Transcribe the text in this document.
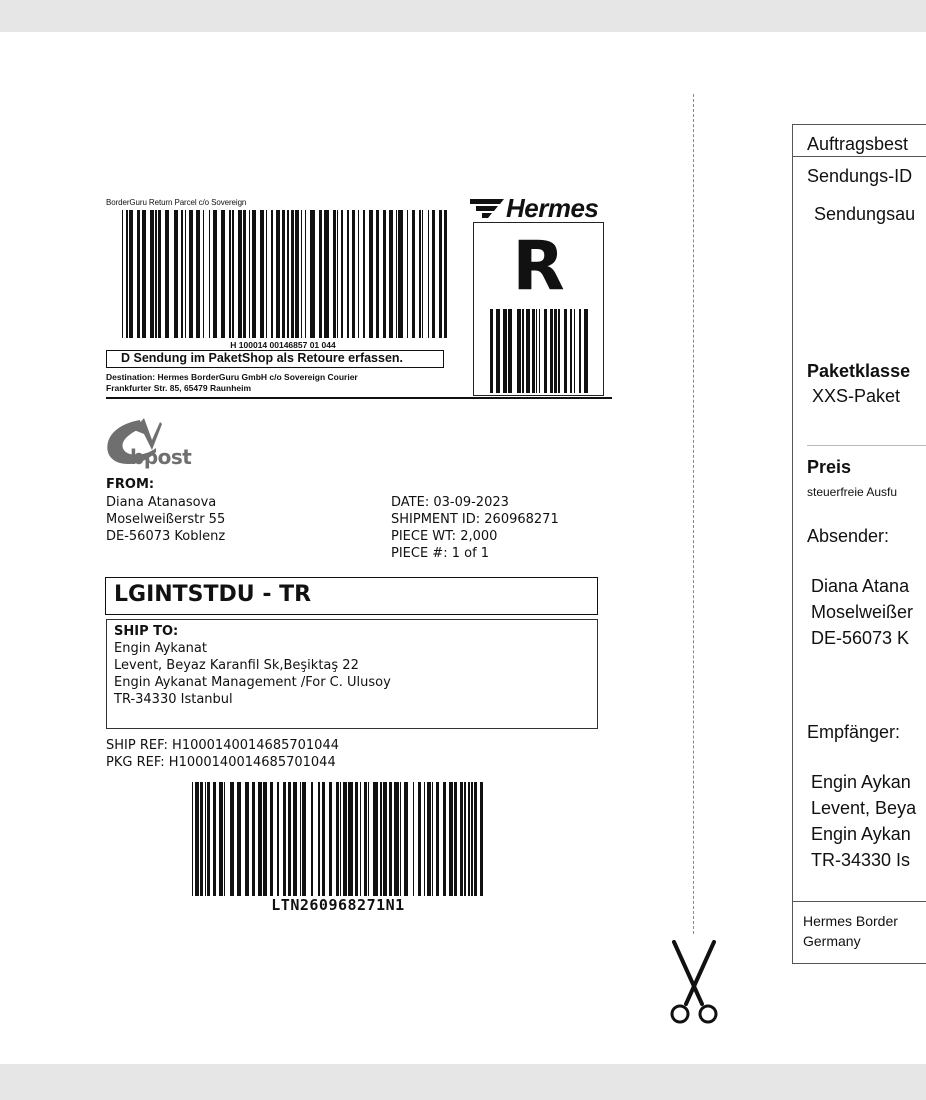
BorderGuru Return Parcel c/o Sovereign
H 100014 00146857 01 044
D Sendung im PaketShop als Retoure erfassen.
Destination: Hermes BorderGuru GmbH c/o Sovereign Courier
Frankfurter Str. 85, 65479 Raunheim
Hermes
R
bpost
FROM:
Diana Atanasova
Moselweißerstr 55
DE-56073 Koblenz
DATE: 03-09-2023
SHIPMENT ID: 260968271
PIECE WT: 2,000
PIECE #: 1 of 1
LGINTSTDU - TR
SHIP TO:
Engin Aykanat
Levent, Beyaz Karanfil Sk,Beşiktaş 22
Engin Aykanat Management /For C. Ulusoy
TR-34330 Istanbul
SHIP REF: H1000140014685701044
PKG REF: H1000140014685701044
LTN260968271N1
Auftragsbest
Sendungs-ID
Sendungsau
Paketklasse
XXS-Paket
Preis
steuerfreie Ausfu
Absender:
Diana Atana
Moselweißer
DE-56073 K
Empfänger:
Engin Aykan
Levent, Beya
Engin Aykan
TR-34330 Is
Hermes Border
Germany
